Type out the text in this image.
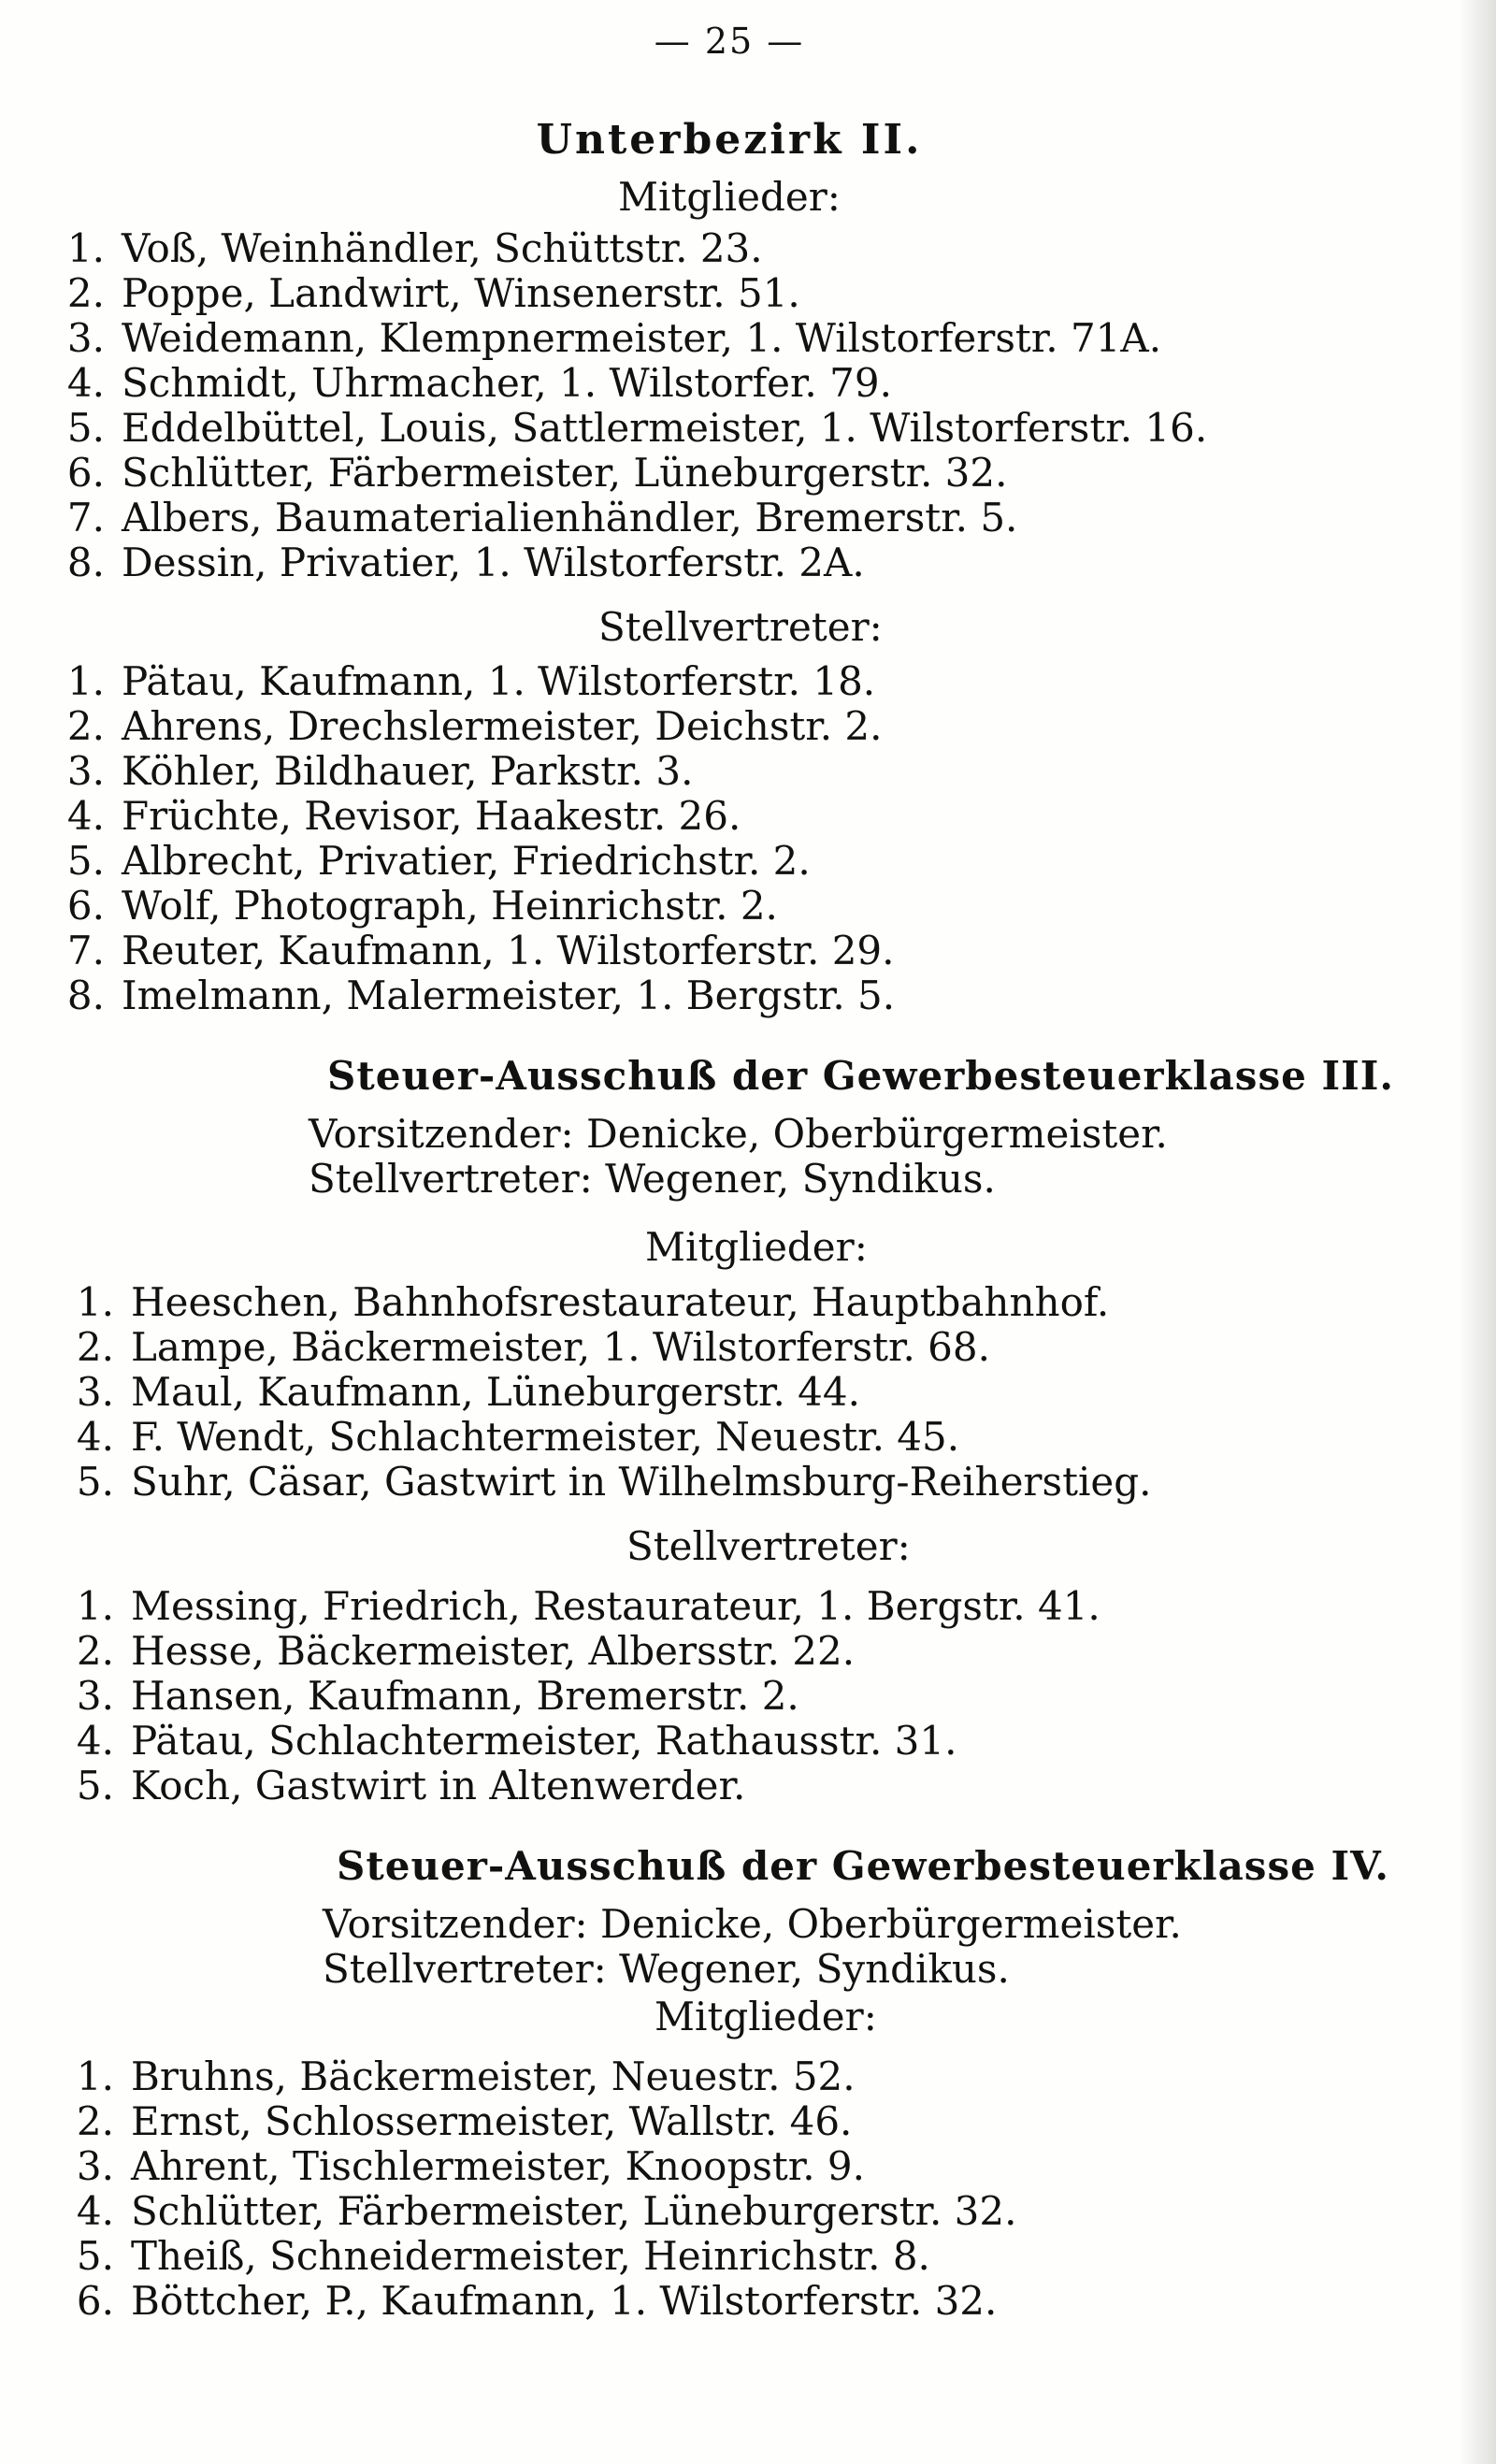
— 25 —
Unterbezirk II.
Mitglieder:
1. Voß, Weinhändler, Schüttstr. 23.
2. Poppe, Landwirt, Winsenerstr. 51.
3. Weidemann, Klempnermeister, 1. Wilstorferstr. 71A.
4. Schmidt, Uhrmacher, 1. Wilstorfer. 79.
5. Eddelbüttel, Louis, Sattlermeister, 1. Wilstorferstr. 16.
6. Schlütter, Färbermeister, Lüneburgerstr. 32.
7. Albers, Baumaterialienhändler, Bremerstr. 5.
8. Dessin, Privatier, 1. Wilstorferstr. 2A.
Stellvertreter:
1. Pätau, Kaufmann, 1. Wilstorferstr. 18.
2. Ahrens, Drechslermeister, Deichstr. 2.
3. Köhler, Bildhauer, Parkstr. 3.
4. Früchte, Revisor, Haakestr. 26.
5. Albrecht, Privatier, Friedrichstr. 2.
6. Wolf, Photograph, Heinrichstr. 2.
7. Reuter, Kaufmann, 1. Wilstorferstr. 29.
8. Imelmann, Malermeister, 1. Bergstr. 5.
Steuer-Ausschuß der Gewerbesteuerklasse III.
Vorsitzender: Denicke, Oberbürgermeister.
Stellvertreter: Wegener, Syndikus.
Mitglieder:
1. Heeschen, Bahnhofsrestaurateur, Hauptbahnhof.
2. Lampe, Bäckermeister, 1. Wilstorferstr. 68.
3. Maul, Kaufmann, Lüneburgerstr. 44.
4. F. Wendt, Schlachtermeister, Neuestr. 45.
5. Suhr, Cäsar, Gastwirt in Wilhelmsburg-Reiherstieg.
Stellvertreter:
1. Messing, Friedrich, Restaurateur, 1. Bergstr. 41.
2. Hesse, Bäckermeister, Albersstr. 22.
3. Hansen, Kaufmann, Bremerstr. 2.
4. Pätau, Schlachtermeister, Rathausstr. 31.
5. Koch, Gastwirt in Altenwerder.
Steuer-Ausschuß der Gewerbesteuerklasse IV.
Vorsitzender: Denicke, Oberbürgermeister.
Stellvertreter: Wegener, Syndikus.
Mitglieder:
1. Bruhns, Bäckermeister, Neuestr. 52.
2. Ernst, Schlossermeister, Wallstr. 46.
3. Ahrent, Tischlermeister, Knoopstr. 9.
4. Schlütter, Färbermeister, Lüneburgerstr. 32.
5. Theiß, Schneidermeister, Heinrichstr. 8.
6. Böttcher, P., Kaufmann, 1. Wilstorferstr. 32.
